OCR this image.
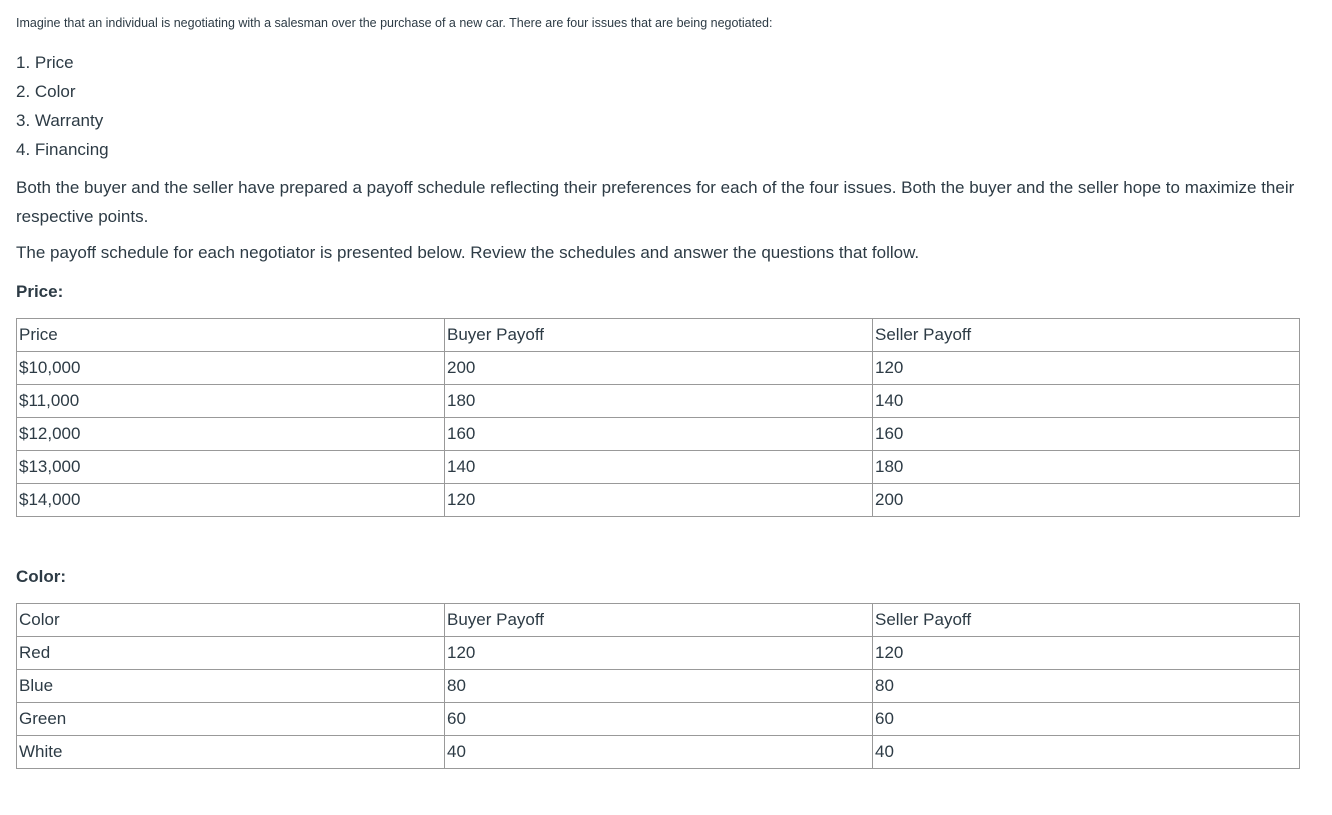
Imagine that an individual is negotiating with a salesman over the purchase of a new car. There are four issues that are being negotiated:
1. Price
2. Color
3. Warranty
4. Financing
Both the buyer and the seller have prepared a payoff schedule reflecting their preferences for each of the four issues. Both the buyer and the seller hope to maximize their respective points.
The payoff schedule for each negotiator is presented below. Review the schedules and answer the questions that follow.
Price:
Price	Buyer Payoff	Seller Payoff
$10,000	200	120
$11,000	180	140
$12,000	160	160
$13,000	140	180
$14,000	120	200
Color:
Color	Buyer Payoff	Seller Payoff
Red	120	120
Blue	80	80
Green	60	60
White	40	40
